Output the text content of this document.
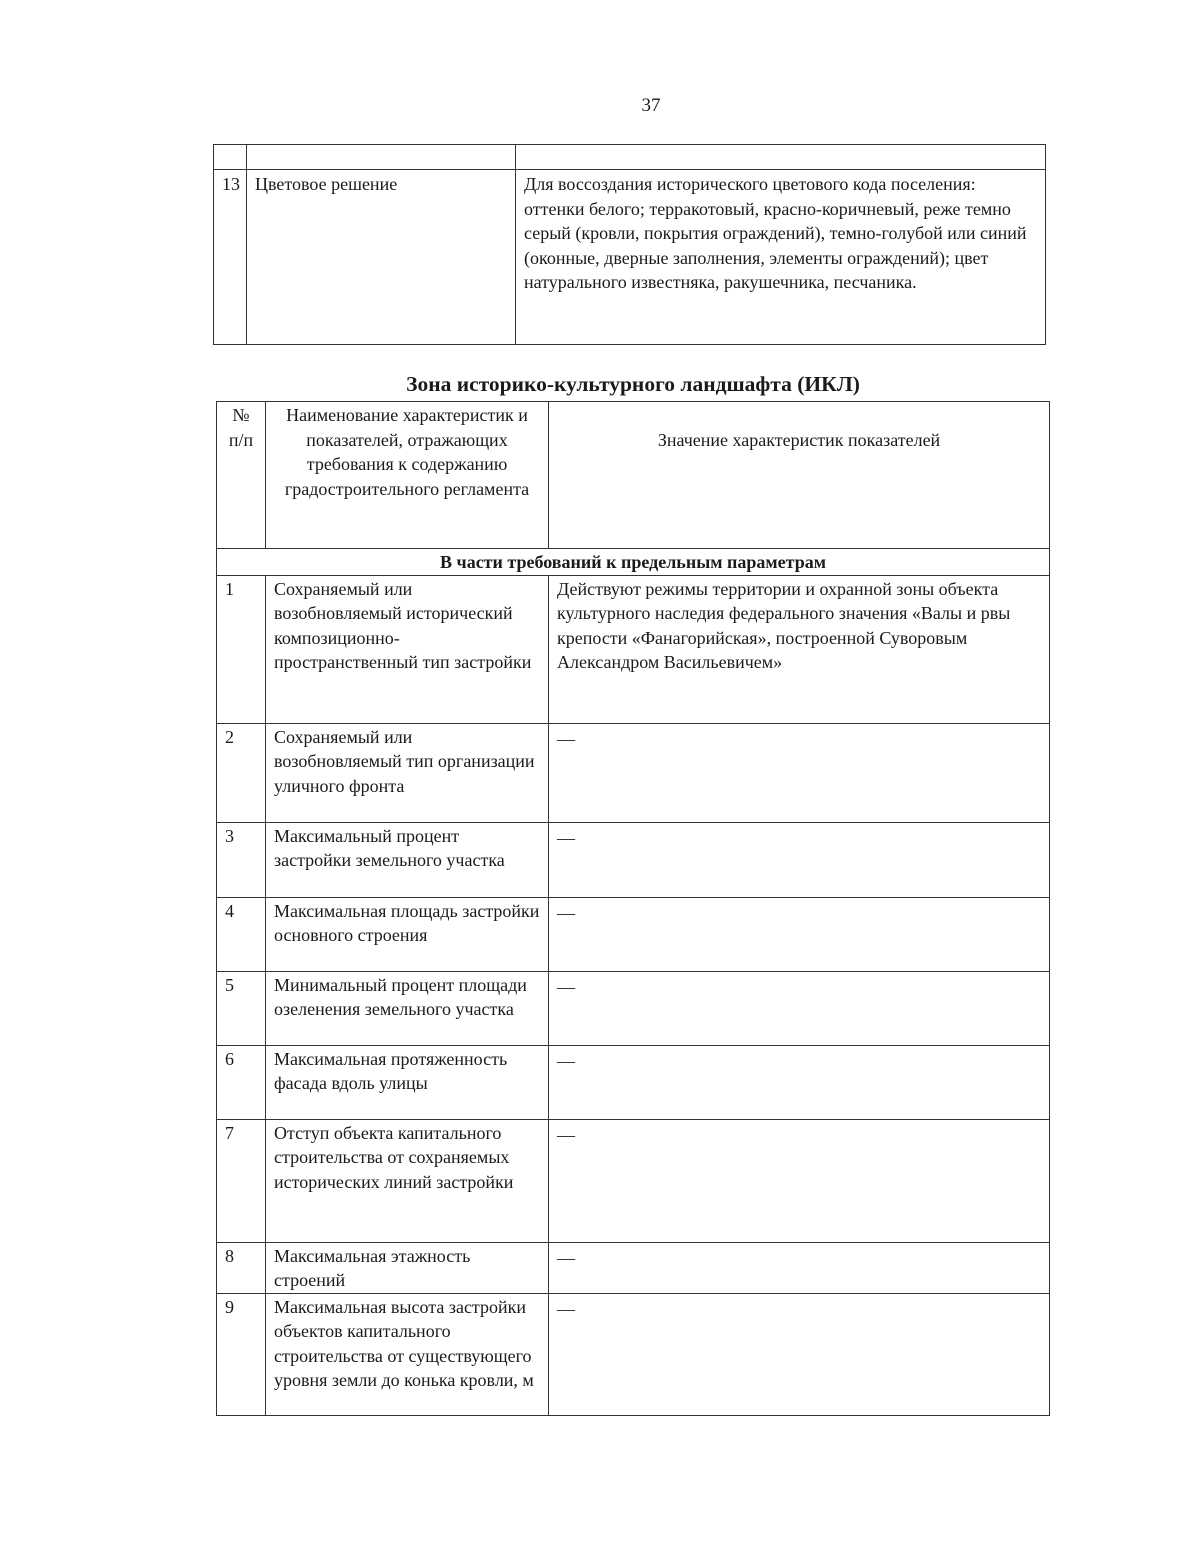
37

13	Цветовое решение	Для воссоздания исторического цветового кода поселения: оттенки белого; терракотовый, красно-коричневый, реже темно серый (кровли, покрытия ограждений), темно-голубой или синий (оконные, дверные заполнения, элементы ограждений); цвет натурального известняка, ракушечника, песчаника.
Зона историко-культурного ландшафта (ИКЛ)
№ п/п	Наименование характеристик и показателей, отражающих требования к содержанию градостроительного регламента	Значение характеристик показателей
В части требований к предельным параметрам		
1	Сохраняемый или возобновляемый исторический композиционно-пространственный тип застройки	Действуют режимы территории и охранной зоны объекта культурного наследия федерального значения «Валы и рвы крепости «Фанагорийская», построенной Суворовым Александром Васильевичем»
2	Сохраняемый или возобновляемый тип организации уличного фронта	—

3	Максимальный процент застройки земельного участка	—

4	Максимальная площадь застройки основного строения	—

5	Минимальный процент площади озеленения земельного участка	—

6	Максимальная протяженность фасада вдоль улицы	—

7	Отступ объекта капитального строительства от сохраняемых исторических линий застройки	—

8	Максимальная этажность строений	—

9	Максимальная высота застройки объектов капитального строительства от существующего уровня земли до конька кровли, м	—
